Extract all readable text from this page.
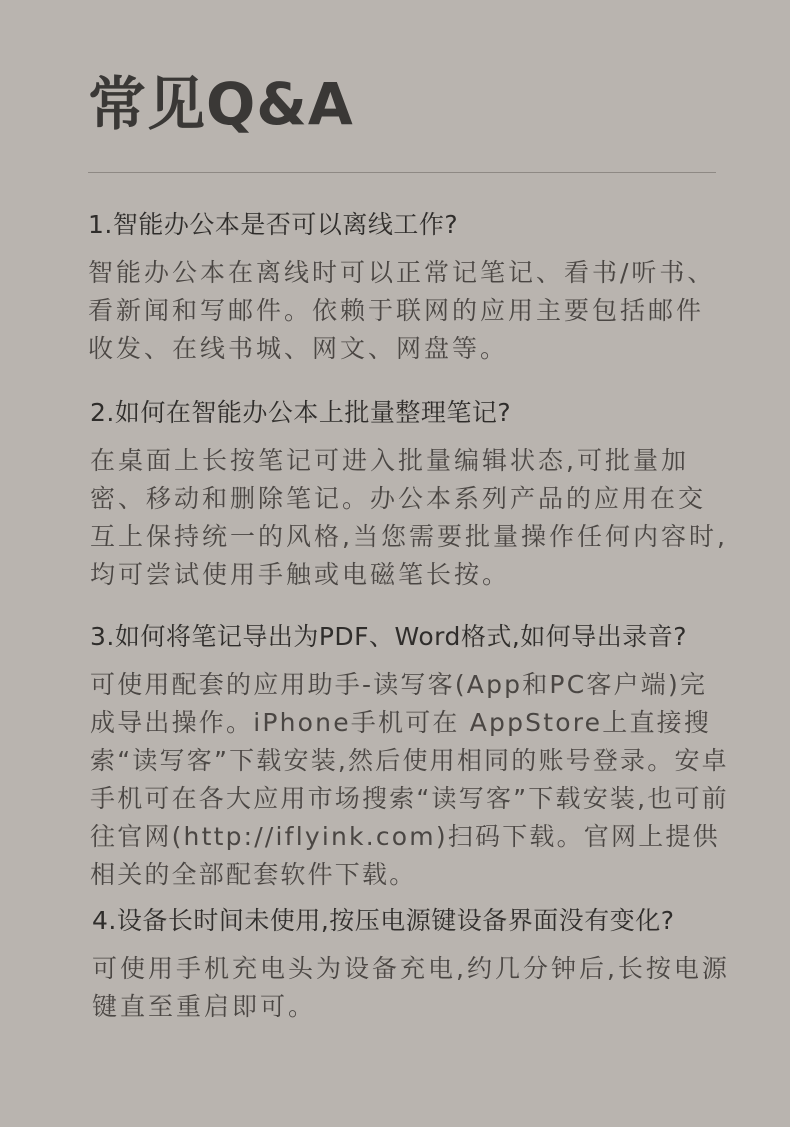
常见Q&A
1.智能办公本是否可以离线工作?
智能办公本在离线时可以正常记笔记、看书/听书、看新闻和写邮件。依赖于联网的应用主要包括邮件收发、在线书城、网文、网盘等。
2.如何在智能办公本上批量整理笔记?
在桌面上长按笔记可进入批量编辑状态,可批量加密、移动和删除笔记。办公本系列产品的应用在交互上保持统一的风格,当您需要批量操作任何内容时,均可尝试使用手触或电磁笔长按。
3.如何将笔记导出为PDF、Word格式,如何导出录音?
可使用配套的应用助手-读写客(App和PC客户端)完成导出操作。iPhone手机可在 AppStore上直接搜索“读写客”下载安装,然后使用相同的账号登录。安卓手机可在各大应用市场搜索“读写客”下载安装,也可前往官网(http://iflyink.com)扫码下载。官网上提供相关的全部配套软件下载。
4.设备长时间未使用,按压电源键设备界面没有变化?
可使用手机充电头为设备充电,约几分钟后,长按电源键直至重启即可。
